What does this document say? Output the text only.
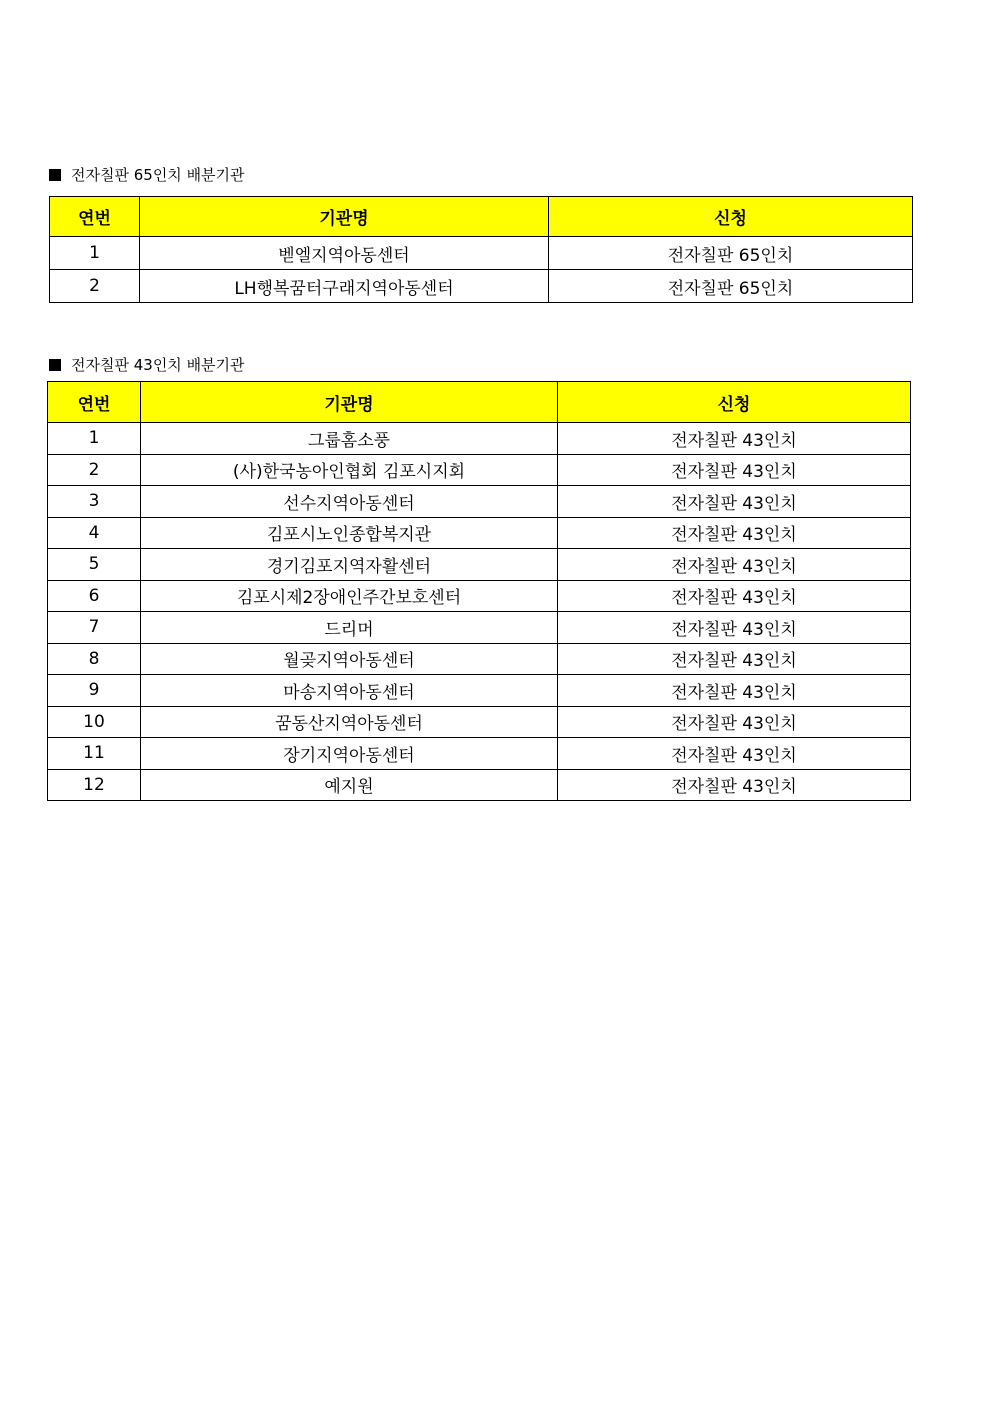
전자칠판 65인치 배분기관
연번	기관명	신청
1	벧엘지역아동센터	전자칠판 65인치
2	LH행복꿈터구래지역아동센터	전자칠판 65인치
전자칠판 43인치 배분기관
연번	기관명	신청
1	그룹홈소풍	전자칠판 43인치
2	(사)한국농아인협회 김포시지회	전자칠판 43인치
3	선수지역아동센터	전자칠판 43인치
4	김포시노인종합복지관	전자칠판 43인치
5	경기김포지역자활센터	전자칠판 43인치
6	김포시제2장애인주간보호센터	전자칠판 43인치
7	드리머	전자칠판 43인치
8	월곶지역아동센터	전자칠판 43인치
9	마송지역아동센터	전자칠판 43인치
10	꿈동산지역아동센터	전자칠판 43인치
11	장기지역아동센터	전자칠판 43인치
12	예지원	전자칠판 43인치
